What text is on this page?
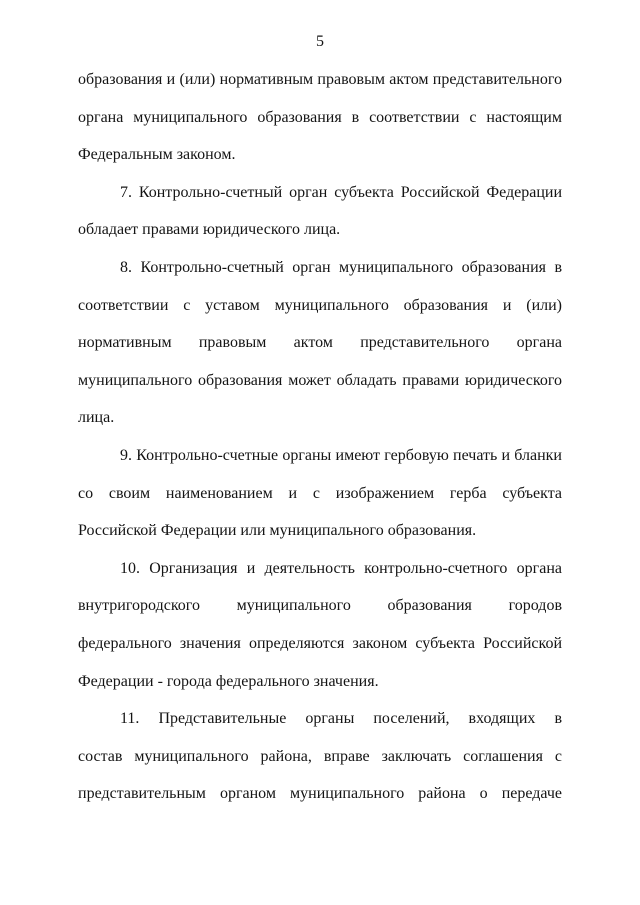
5
образования и (или) нормативным правовым актом представительного
органа муниципального образования в соответствии с настоящим
Федеральным законом.
7. Контрольно-счетный орган субъекта Российской Федерации
обладает правами юридического лица.
8. Контрольно-счетный орган муниципального образования в
соответствии с уставом муниципального образования и (или)
нормативным правовым актом представительного органа
муниципального образования может обладать правами юридического
лица.
9. Контрольно-счетные органы имеют гербовую печать и бланки
со своим наименованием и с изображением герба субъекта
Российской Федерации или муниципального образования.
10. Организация и деятельность контрольно-счетного органа
внутригородского муниципального образования городов
федерального значения определяются законом субъекта Российской
Федерации - города федерального значения.
11. Представительные органы поселений, входящих в
состав муниципального района, вправе заключать соглашения с
представительным органом муниципального района о передаче
